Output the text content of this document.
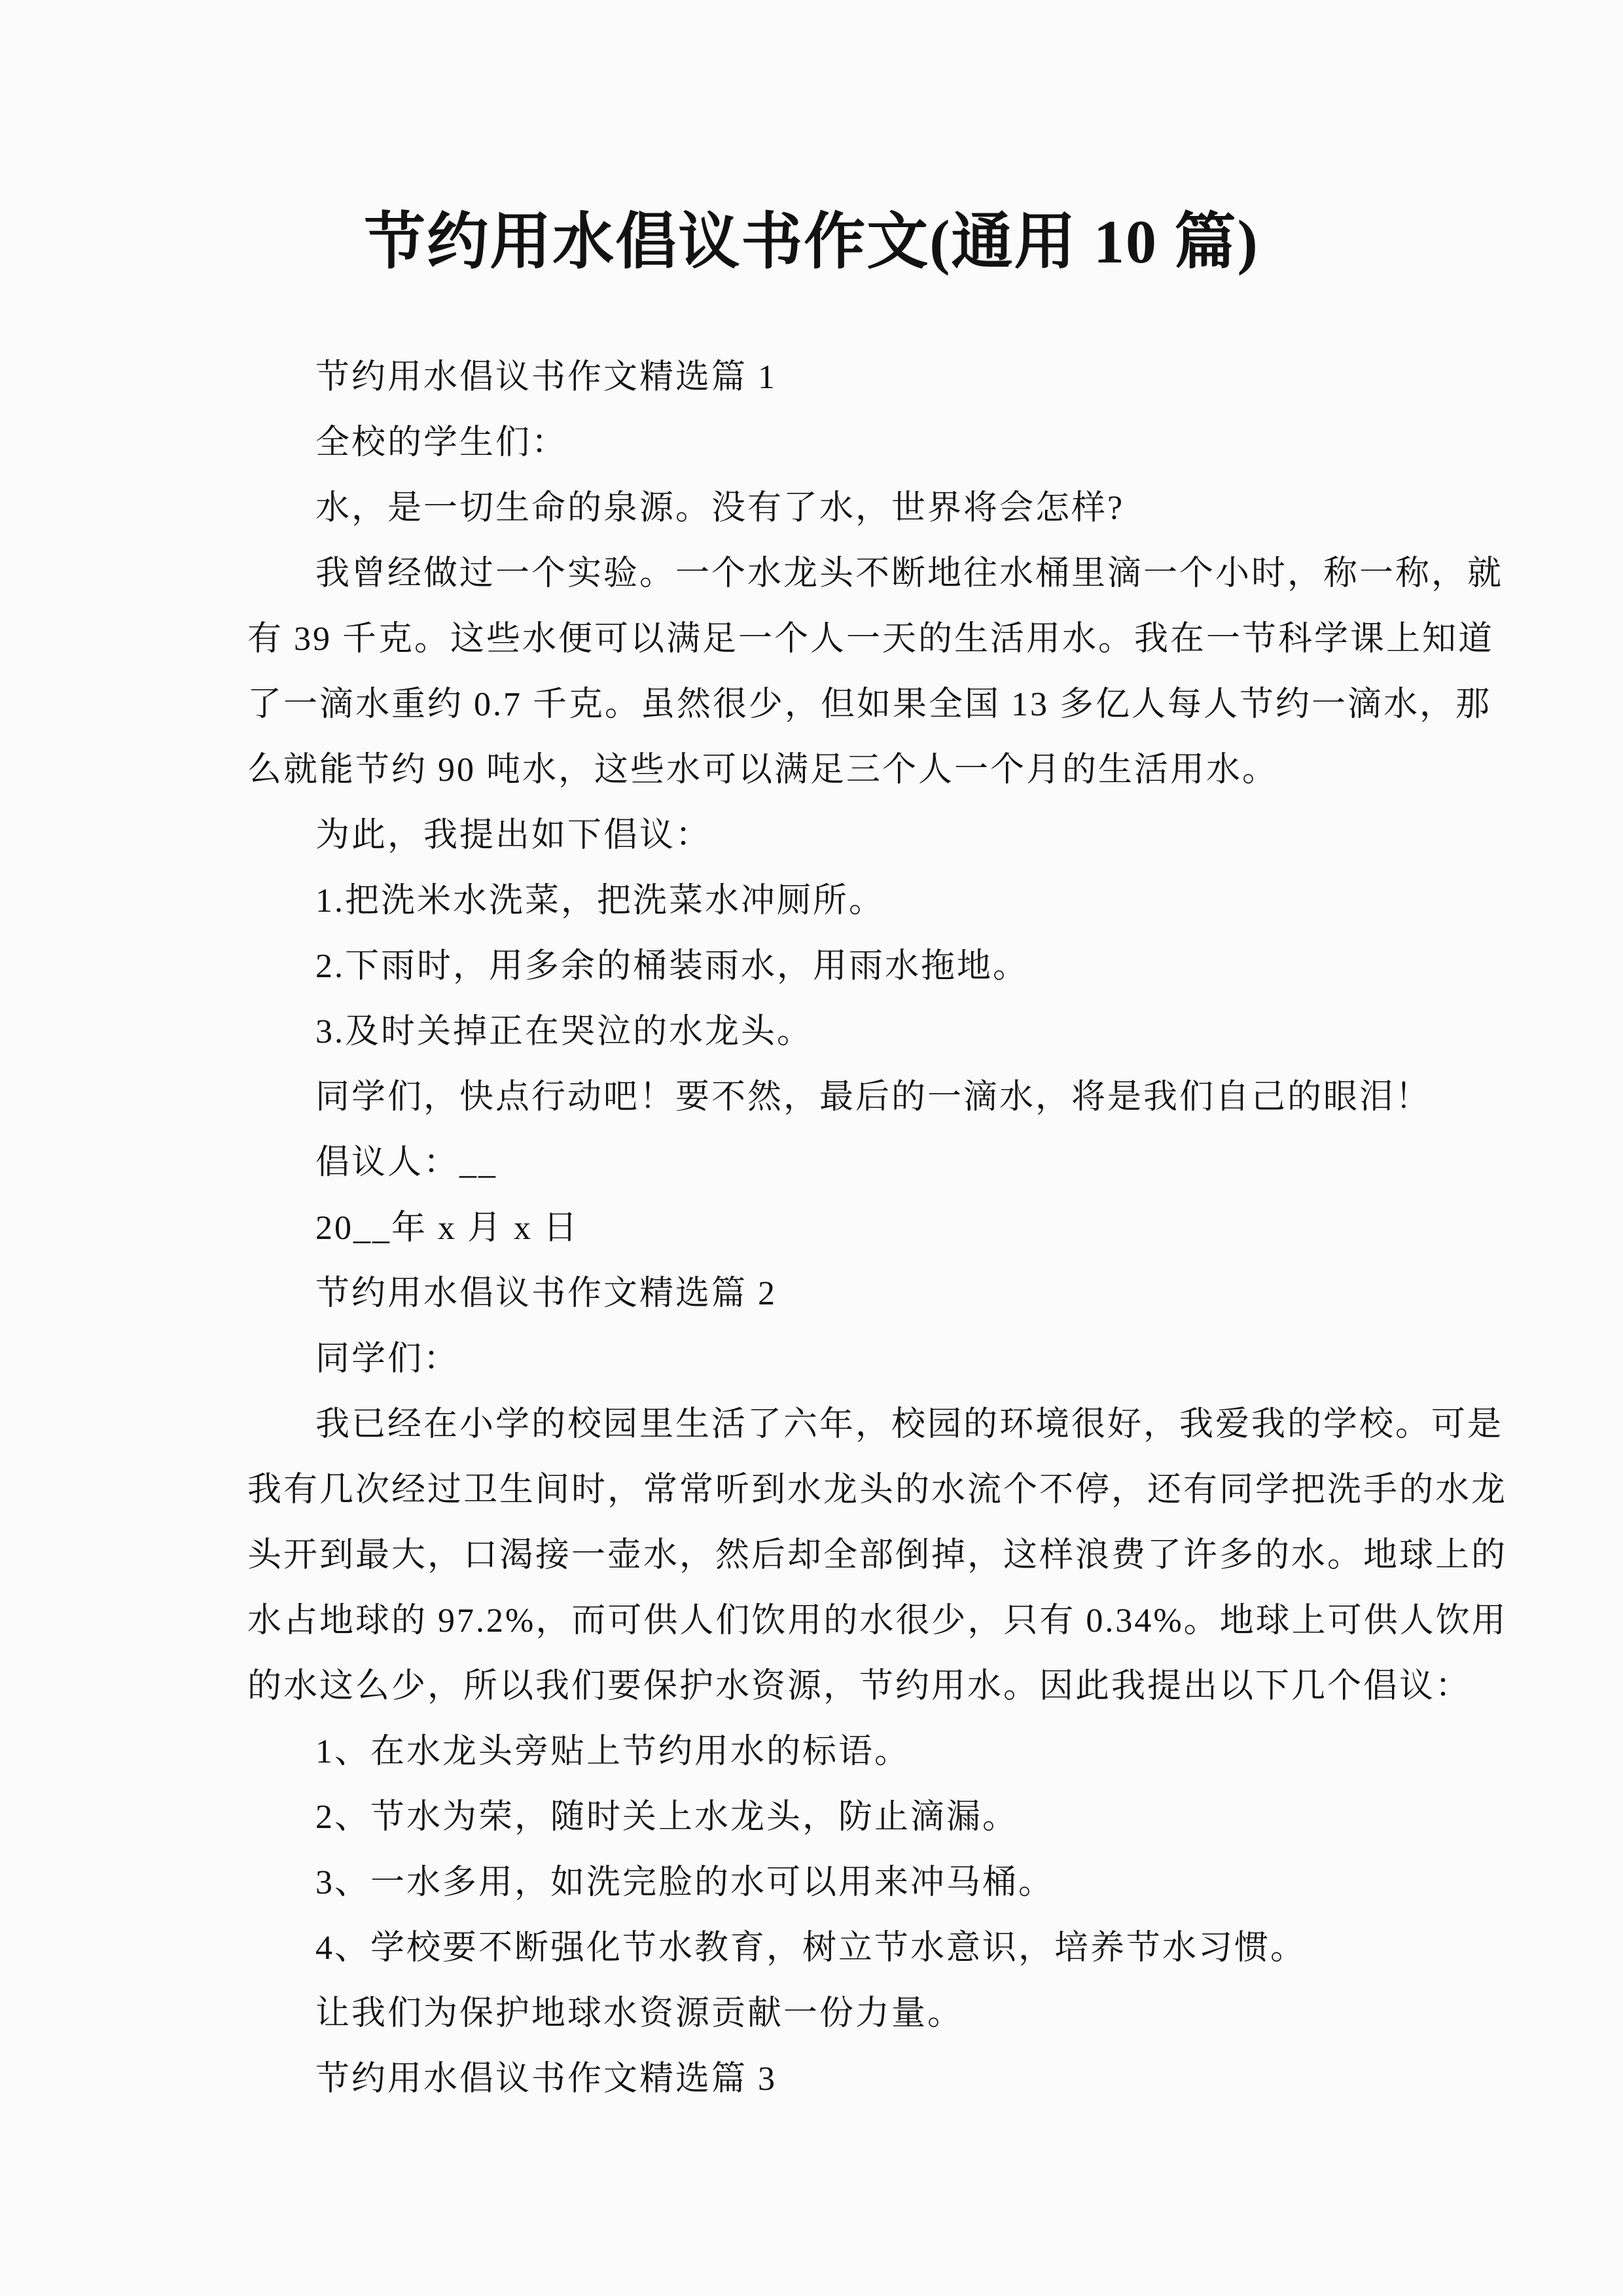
节约用水倡议书作文(通用 10 篇)
节约用水倡议书作文精选篇 1
全校的学生们：
水，是一切生命的泉源。没有了水，世界将会怎样?
我曾经做过一个实验。一个水龙头不断地往水桶里滴一个小时，称一称，就
有 39 千克。这些水便可以满足一个人一天的生活用水。我在一节科学课上知道
了一滴水重约 0.7 千克。虽然很少，但如果全国 13 多亿人每人节约一滴水，那
么就能节约 90 吨水，这些水可以满足三个人一个月的生活用水。
为此，我提出如下倡议：
1.把洗米水洗菜，把洗菜水冲厕所。
2.下雨时，用多余的桶装雨水，用雨水拖地。
3.及时关掉正在哭泣的水龙头。
同学们，快点行动吧！要不然，最后的一滴水，将是我们自己的眼泪！
倡议人：__
20__年 x 月 x 日
节约用水倡议书作文精选篇 2
同学们：
我已经在小学的校园里生活了六年，校园的环境很好，我爱我的学校。可是
我有几次经过卫生间时，常常听到水龙头的水流个不停，还有同学把洗手的水龙
头开到最大，口渴接一壶水，然后却全部倒掉，这样浪费了许多的水。地球上的
水占地球的 97.2%，而可供人们饮用的水很少，只有 0.34%。地球上可供人饮用
的水这么少，所以我们要保护水资源，节约用水。因此我提出以下几个倡议：
1、在水龙头旁贴上节约用水的标语。
2、节水为荣，随时关上水龙头，防止滴漏。
3、一水多用，如洗完脸的水可以用来冲马桶。
4、学校要不断强化节水教育，树立节水意识，培养节水习惯。
让我们为保护地球水资源贡献一份力量。
节约用水倡议书作文精选篇 3
